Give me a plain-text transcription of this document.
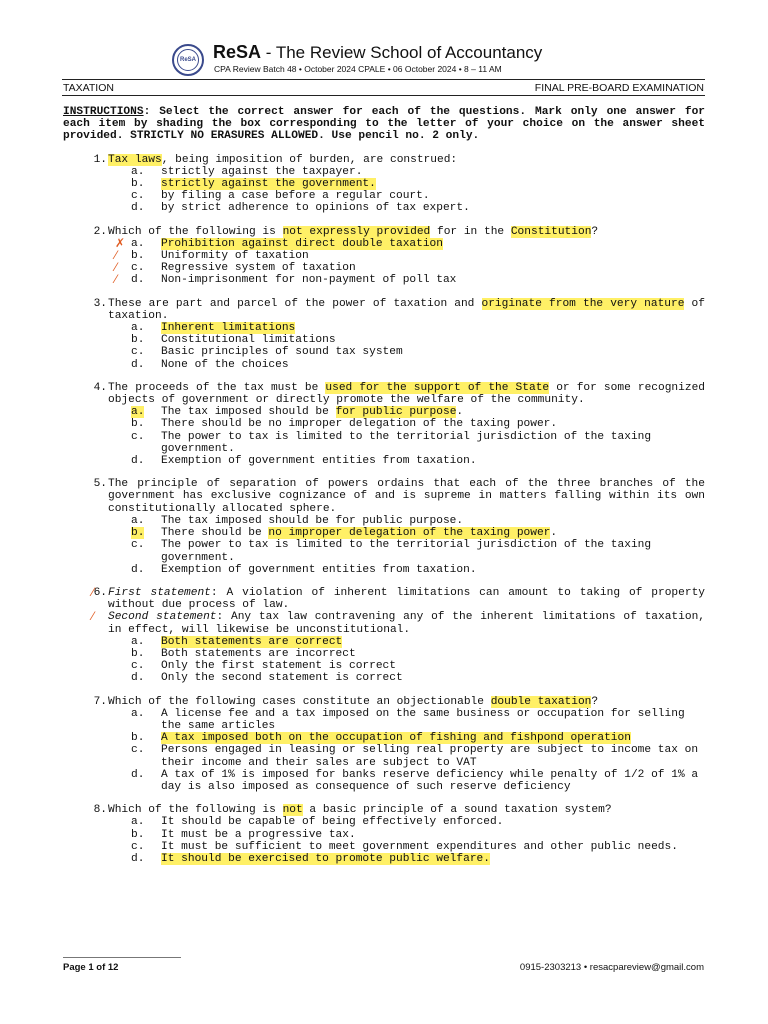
ReSA ReSA - The Review School of Accountancy
CPA Review Batch 48 • October 2024 CPALE • 06 October 2024 • 8 – 11 AM
TAXATION	FINAL PRE-BOARD EXAMINATION
INSTRUCTIONS: Select the correct answer for each of the questions. Mark only one answer for each item by shading the box corresponding to the letter of your choice on the answer sheet provided. STRICTLY NO ERASURES ALLOWED. Use pencil no. 2 only.
1. Tax laws, being imposition of burden, are construed:
a.	strictly against the taxpayer.
b.	strictly against the government.
c.	by filing a case before a regular court.
d.	by strict adherence to opinions of tax expert.
2. Which of the following is not expressly provided for in the Constitution?
a.	Prohibition against direct double taxation
b.	Uniformity of taxation
c.	Regressive system of taxation
d.	Non-imprisonment for non-payment of poll tax
3. These are part and parcel of the power of taxation and originate from the very nature of taxation.
a.	Inherent limitations
b.	Constitutional limitations
c.	Basic principles of sound tax system
d.	None of the choices
4. The proceeds of the tax must be used for the support of the State or for some recognized objects of government or directly promote the welfare of the community.
a.	The tax imposed should be for public purpose.
b.	There should be no improper delegation of the taxing power.
c.	The power to tax is limited to the territorial jurisdiction of the taxing government.
d.	Exemption of government entities from taxation.
5. The principle of separation of powers ordains that each of the three branches of the government has exclusive cognizance of and is supreme in matters falling within its own constitutionally allocated sphere.
a.	The tax imposed should be for public purpose.
b.	There should be no improper delegation of the taxing power.
c.	The power to tax is limited to the territorial jurisdiction of the taxing government.
d.	Exemption of government entities from taxation.
6. First statement: A violation of inherent limitations can amount to taking of property without due process of law.
Second statement: Any tax law contravening any of the inherent limitations of taxation, in effect, will likewise be unconstitutional.
a.	Both statements are correct
b.	Both statements are incorrect
c.	Only the first statement is correct
d.	Only the second statement is correct
7. Which of the following cases constitute an objectionable double taxation?
a.	A license fee and a tax imposed on the same business or occupation for selling the same articles
b.	A tax imposed both on the occupation of fishing and fishpond operation
c.	Persons engaged in leasing or selling real property are subject to income tax on their income and their sales are subject to VAT
d.	A tax of 1% is imposed for banks reserve deficiency while penalty of 1/2 of 1% a day is also imposed as consequence of such reserve deficiency
8. Which of the following is not a basic principle of a sound taxation system?
a.	It should be capable of being effectively enforced.
b.	It must be a progressive tax.
c.	It must be sufficient to meet government expenditures and other public needs.
d.	It should be exercised to promote public welfare.
Page 1 of 12	0915-2303213 • resacpareview@gmail.com
✗
⁄
⁄
⁄
⁄
⁄
